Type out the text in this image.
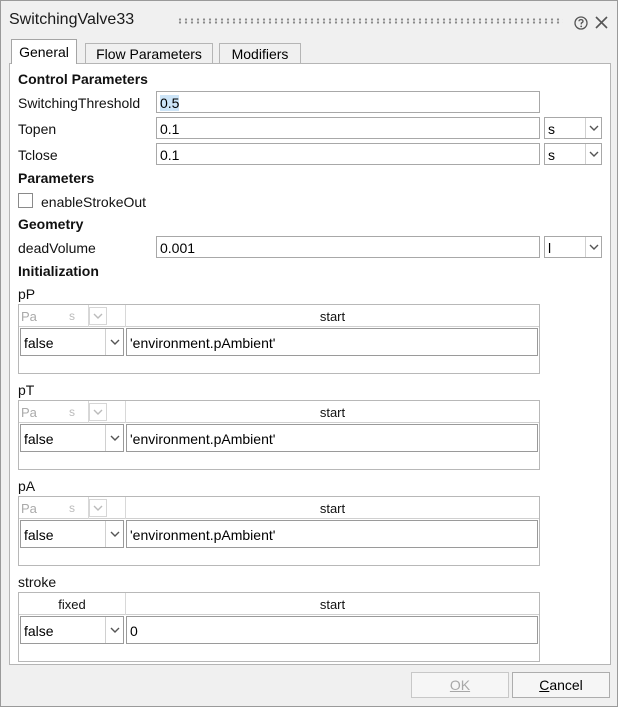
SwitchingValve33
General	Flow Parameters	Modifiers
Control Parameters
SwitchingThreshold 0.5
Topen	0.1	s
Tclose	0.1	s
Parameters
enableStrokeOut
Geometry
deadVolume	0.001	l
Initialization
pP
Pa	s	start
false	'environment.pAmbient'
pT
Pa	s	start
false	'environment.pAmbient'
pA
Pa	s	start
false	'environment.pAmbient'
stroke
fixed	start
false	0
OK	Cancel
